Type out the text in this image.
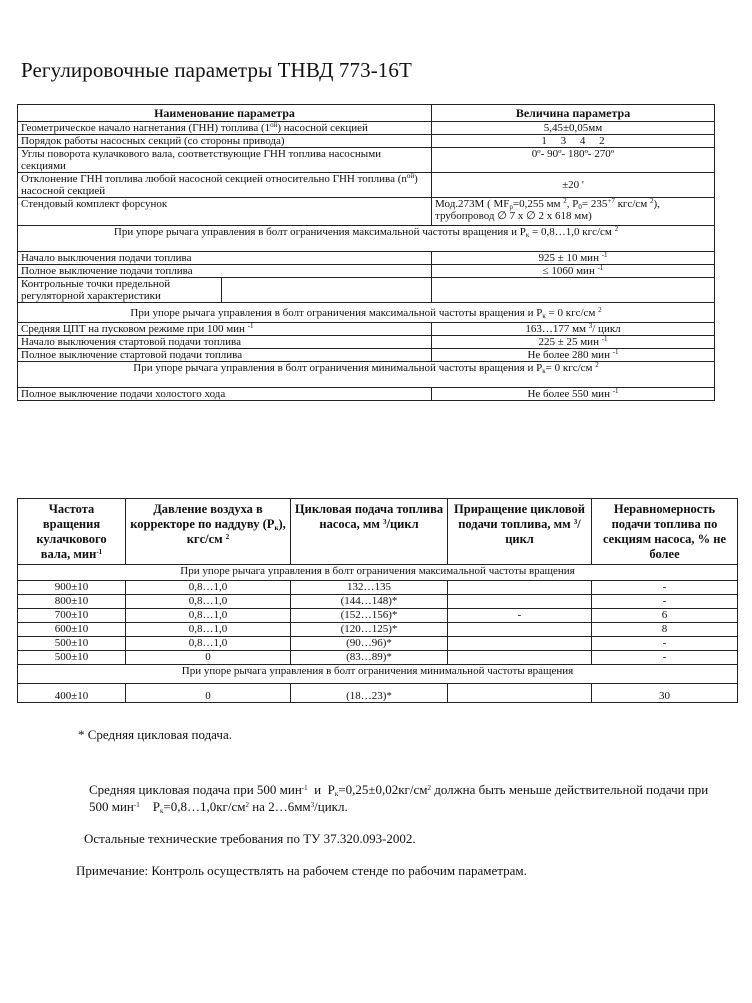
Регулировочные параметры ТНВД 773-16Т
Наименование параметра		Величина параметра
Геометрическое начало нагнетания (ГНН) топлива $(1^{ой})$ насосной секцией		5,45±0,05мм
Порядок работы насосных секций (со стороны привода)		1     3     4     2
Углы поворота кулачкового вала, соответствующие ГНН топлива насосными секциями		0º- 90º- 180º- 270º
Отклонение ГНН топлива любой насосной секцией относительно ГНН топлива $(n^{ой})$ насосной секцией		±20 '
Стендовый комплект форсунок		Мод.273М ( $МF_р=0,255$ мм $^2$, $Р_0= 235^{+7}$ кгс/см $^2$),
трубопровод ∅ 7 х ∅ 2 х 618 мм)
При упоре рычага управления в болт ограничения максимальной частоты вращения и $Р_к$ = 0,8…1,0 кгс/см $^2$
Начало выключения подачи топлива		925 ± 10 мин $^{-1}$
Полное выключение подачи топлива		≤ 1060 мин $^{-1}$
Контрольные точки предельной регуляторной характеристики		
При упоре рычага управления в болт ограничения максимальной частоты вращения и $Р_к = 0$ кгс/см $^2$
Средняя ЦПТ на пусковом режиме при 100 мин $^{-1}$		163…177 мм $^3$/ цикл
Начало выключения стартовой подачи топлива		225 ± 25 мин $^{-1}$
Полное выключение стартовой подачи топлива		Не более 280 мин $^{-1}$
При упоре рычага управления в болт ограничения минимальной частоты вращения и $Р_к= 0$ кгс/см $^2$
Полное выключение подачи холостого хода		Не более 550 мин $^{-1}$
Частота вращения кулачкового вала, мин$^{-1}$	Давление воздуха в корректоре по наддуву $(Р_к)$, кгс/см $^2$	Цикловая подача топлива насоса, мм $^3$/цикл	Приращение цикловой подачи топлива, мм $^3$/цикл	Неравномерность подачи топлива по секциям насоса, % не более
При упоре рычага управления в болт ограничения максимальной частоты вращения				
900±10	0,8…1,0	132…135		-
800±10	0,8…1,0	(144…148)*		-
700±10	0,8…1,0	(152…156)*	-	6
600±10	0,8…1,0	(120…125)*		8
500±10	0,8…1,0	(90…96)*		-
500±10	0	(83…89)*		-
При упоре рычага управления в болт ограничения минимальной частоты вращения				
400±10	0	(18…23)*		30
* Средняя цикловая подача.
Средняя цикловая подача при 500 мин$^{-1}$  и  $Р_к=0,25\pm 0,02кг/см^2$ должна быть меньше действительной подачи при
500 мин$^{-1}$    $Р_к=0,8\dots 1,0кг/см^2$ на $2\dots 6мм^3$/цикл.
Остальные технические требования по ТУ 37.320.093-2002.
Примечание: Контроль осуществлять на рабочем стенде по рабочим параметрам.
